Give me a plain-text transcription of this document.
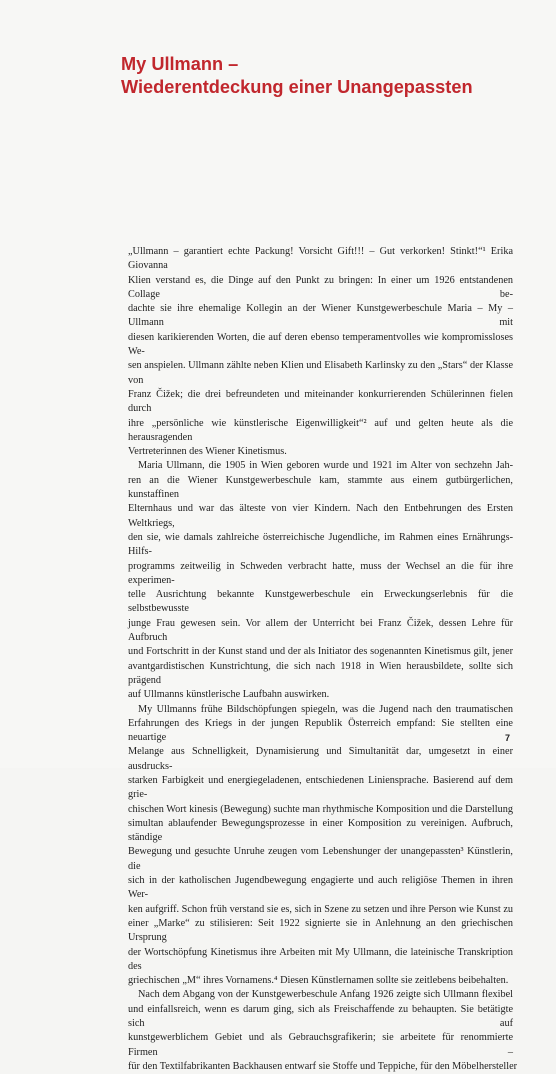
My Ullmann –
Wiederentdeckung einer Unangepassten
„Ullmann – garantiert echte Packung! Vorsicht Gift!!! – Gut verkorken! Stinkt!“¹ Erika Giovanna
Klien verstand es, die Dinge auf den Punkt zu bringen: In einer um 1926 entstandenen Collage be-
dachte sie ihre ehemalige Kollegin an der Wiener Kunstgewerbeschule Maria – My – Ullmann mit
diesen karikierenden Worten, die auf deren ebenso temperamentvolles wie kompromissloses We-
sen anspielen. Ullmann zählte neben Klien und Elisabeth Karlinsky zu den „Stars“ der Klasse von
Franz Čižek; die drei befreundeten und miteinander konkurrierenden Schülerinnen fielen durch
ihre „persönliche wie künstlerische Eigenwilligkeit“² auf und gelten heute als die herausragenden
Vertreterinnen des Wiener Kinetismus.
Maria Ullmann, die 1905 in Wien geboren wurde und 1921 im Alter von sechzehn Jah-
ren an die Wiener Kunstgewerbeschule kam, stammte aus einem gutbürgerlichen, kunstaffinen
Elternhaus und war das älteste von vier Kindern. Nach den Entbehrungen des Ersten Weltkriegs,
den sie, wie damals zahlreiche österreichische Jugendliche, im Rahmen eines Ernährungs-Hilfs-
programms zeitweilig in Schweden verbracht hatte, muss der Wechsel an die für ihre experimen-
telle Ausrichtung bekannte Kunstgewerbeschule ein Erweckungserlebnis für die selbstbewusste
junge Frau gewesen sein. Vor allem der Unterricht bei Franz Čižek, dessen Lehre für Aufbruch
und Fortschritt in der Kunst stand und der als Initiator des sogenannten Kinetismus gilt, jener
avantgardistischen Kunstrichtung, die sich nach 1918 in Wien herausbildete, sollte sich prägend
auf Ullmanns künstlerische Laufbahn auswirken.
My Ullmanns frühe Bildschöpfungen spiegeln, was die Jugend nach den traumatischen
Erfahrungen des Kriegs in der jungen Republik Österreich empfand: Sie stellten eine neuartige
Melange aus Schnelligkeit, Dynamisierung und Simultanität dar, umgesetzt in einer ausdrucks-
starken Farbigkeit und energiegeladenen, entschiedenen Liniensprache. Basierend auf dem grie-
chischen Wort kinesis (Bewegung) suchte man rhythmische Komposition und die Darstellung
simultan ablaufender Bewegungsprozesse in einer Komposition zu vereinigen. Aufbruch, ständige
Bewegung und gesuchte Unruhe zeugen vom Lebenshunger der unangepassten³ Künstlerin, die
sich in der katholischen Jugendbewegung engagierte und auch religiöse Themen in ihren Wer-
ken aufgriff. Schon früh verstand sie es, sich in Szene zu setzen und ihre Person wie Kunst zu
einer „Marke“ zu stilisieren: Seit 1922 signierte sie in Anlehnung an den griechischen Ursprung
der Wortschöpfung Kinetismus ihre Arbeiten mit My Ullmann, die lateinische Transkription des
griechischen „M“ ihres Vornamens.⁴ Diesen Künstlernamen sollte sie zeitlebens beibehalten.
Nach dem Abgang von der Kunstgewerbeschule Anfang 1926 zeigte sich Ullmann flexibel
und einfallsreich, wenn es darum ging, sich als Freischaffende zu behaupten. Sie betätigte sich auf
kunstgewerblichem Gebiet und als Gebrauchsgrafikerin; sie arbeitete für renommierte Firmen –
für den Textilfabrikanten Backhausen entwarf sie Stoffe und Teppiche, für den Möbelhersteller
7
